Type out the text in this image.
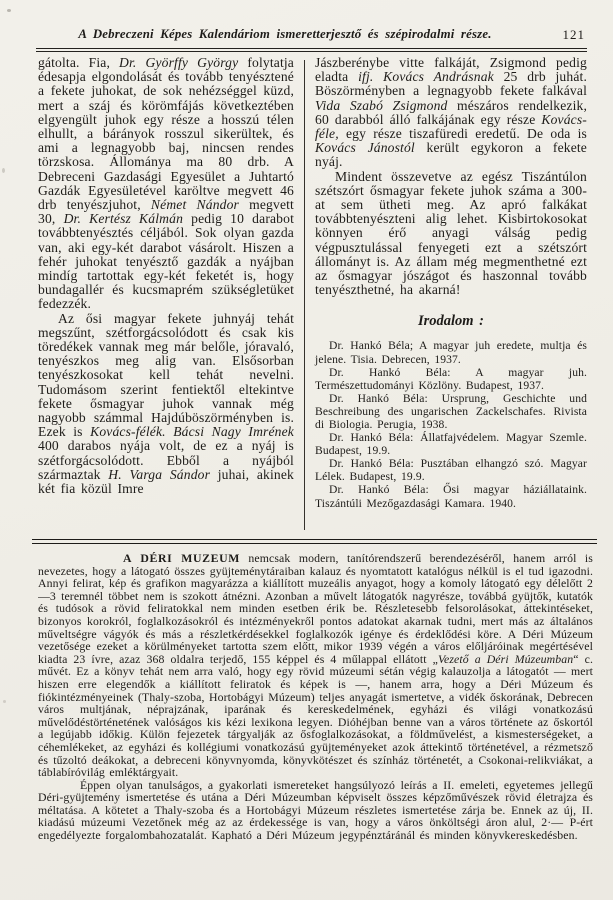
A Debreczeni Képes Kalendáriom ismeretterjesztő és szépirodalmi része.	121

gátolta. Fia, Dr. Györffy György folytatja édesapja elgondolását és tovább tenyésztené a fekete juhokat, de sok nehézséggel küzd, mert a száj és körömfájás következtében elgyengült juhok egy része a hosszú télen elhullt, a bárányok rosszul sikerültek, és ami a legnagyobb baj, nincsen rendes törzskosa. Állománya ma 80 drb. A Debreceni Gazdasági Egyesület a Juhtartó Gazdák Egyesületével karöltve megvett 46 drb tenyészjuhot, Német Nándor megvett 30, Dr. Kertész Kálmán pedig 10 darabot továbbtenyésztés céljából. Sok olyan gazda van, aki egy-két darabot vásárolt. Hiszen a fehér juhokat tenyésztő gazdák a nyájban mindíg tartottak egy-két feketét is, hogy bundagallér és kucsmaprém szükségletüket fedezzék.

Az ősi magyar fekete juhnyáj tehát megszűnt, szétforgácsolódott és csak kis töredékek vannak meg már belőle, jóravaló, tenyészkos meg alig van. Elsősorban tenyészkosokat kell tehát nevelni. Tudomásom szerint fentiektől eltekintve fekete ősmagyar juhok vannak még nagyobb számmal Hajdúböszörményben is. Ezek is Kovács-félék. Bácsi Nagy Imrének 400 darabos nyája volt, de ez a nyáj is szétforgácsolódott. Ebből a nyájból származtak H. Varga Sándor juhai, akinek két fia közül Imre

Jászberénybe vitte falkáját, Zsigmond pedig eladta ifj. Kovács Andrásnak 25 drb juhát. Böszörményben a legnagyobb fekete falkával Vida Szabó Zsigmond mészáros rendelkezik, 60 darabból álló falkájának egy része Kovács-féle, egy része tiszafüredi eredetű. De oda is Kovács Jánostól került egykoron a fekete nyáj.

Mindent összevetve az egész Tiszántúlon szétszórt ősmagyar fekete juhok száma a 300-at sem ütheti meg. Az apró falkákat továbbtenyészteni alig lehet. Kisbirtokosokat könnyen érő anyagi válság pedig végpusztulással fenyegeti ezt a szétszórt állományt is. Az állam még megmenthetné ezt az ősmagyar jószágot és haszonnal tovább tenyészthetné, ha akarná!

Irodalom :

Dr. Hankó Béla; A magyar juh eredete, multja és jelene. Tisia. Debrecen, 1937.

Dr. Hankó Béla: A magyar juh. Természettudományi Közlöny. Budapest, 1937.

Dr. Hankó Béla: Ursprung, Geschichte und Beschreibung des ungarischen Zackelschafes. Rivista di Biologia. Perugia, 1938.

Dr. Hankó Béla: Állatfajvédelem. Magyar Szemle. Budapest, 19.9.

Dr. Hankó Béla: Pusztában elhangzó szó. Magyar Lélek. Budapest, 19.9.

Dr. Hankó Béla: Ősi magyar háziállataink. Tiszántúli Mezőgazdasági Kamara. 1940.

A DÉRI MUZEUM nemcsak modern, tanítórendszerű berendezéséről, hanem arról is nevezetes, hogy a látogató összes gyüjteménytáraiban kalauz és nyomtatott katalógus nélkül is el tud igazodni. Annyi felirat, kép és grafikon magyarázza a kiállított muzeális anyagot, hogy a komoly látogató egy délelőtt 2—3 teremnél többet nem is szokott átnézni. Azonban a művelt látogatók nagyrésze, továbbá gyüjtők, kutatók és tudósok a rövid feliratokkal nem minden esetben érik be. Részletesebb felsorolásokat, áttekintéseket, bizonyos korokról, foglalkozásokról és intézményekről pontos adatokat akarnak tudni, mert más az általános műveltségre vágyók és más a részletkérdésekkel foglalkozók igénye és érdeklődési köre. A Déri Múzeum vezetősége ezeket a körülményeket tartotta szem előtt, mikor 1939 végén a város előljáróinak megértésével kiadta 23 ívre, azaz 368 oldalra terjedő, 155 képpel és 4 műlappal ellátott „Vezető a Déri Múzeumban“ c. művét. Ez a könyv tehát nem arra való, hogy egy rövid múzeumi sétán végig kalauzolja a látogatót — mert hiszen erre elegendők a kiállított feliratok és képek is —, hanem arra, hogy a Déri Múzeum és fiókintézményeinek (Thaly-szoba, Hortobágyi Múzeum) teljes anyagát ismertetve, a vidék őskorának, Debrecen város multjának, néprajzának, iparának és kereskedelmének, egyházi és világi vonatkozású művelődéstörténetének valóságos kis kézi lexikona legyen. Dióhéjban benne van a város története az őskortól a legújabb időkig. Külön fejezetek tárgyalják az ősfoglalkozásokat, a földművelést, a kismesterségeket, a céhemlékeket, az egyházi és kollégiumi vonatkozású gyüjteményeket azok áttekintő történetével, a rézmetsző és tűzoltó deákokat, a debreceni könyvnyomda, könyvkötészet és színház történetét, a Csokonai-relikviákat, a táblabíróvilág emléktárgyait.

Éppen olyan tanulságos, a gyakorlati ismereteket hangsúlyozó leírás a II. emeleti, egyetemes jellegű Déri-gyüjtemény ismertetése és utána a Déri Múzeumban képviselt összes képzőművészek rövid életrajza és méltatása. A kötetet a Thaly-szoba és a Hortobágyi Múzeum részletes ismertetése zárja be. Ennek az új, II. kiadású múzeumi Vezetőnek még az az érdekessége is van, hogy a város önköltségi áron alul, 2·— P-ért engedélyezte forgalombahozatalát. Kapható a Déri Múzeum jegypénztáránál és minden könyvkereskedésben.
